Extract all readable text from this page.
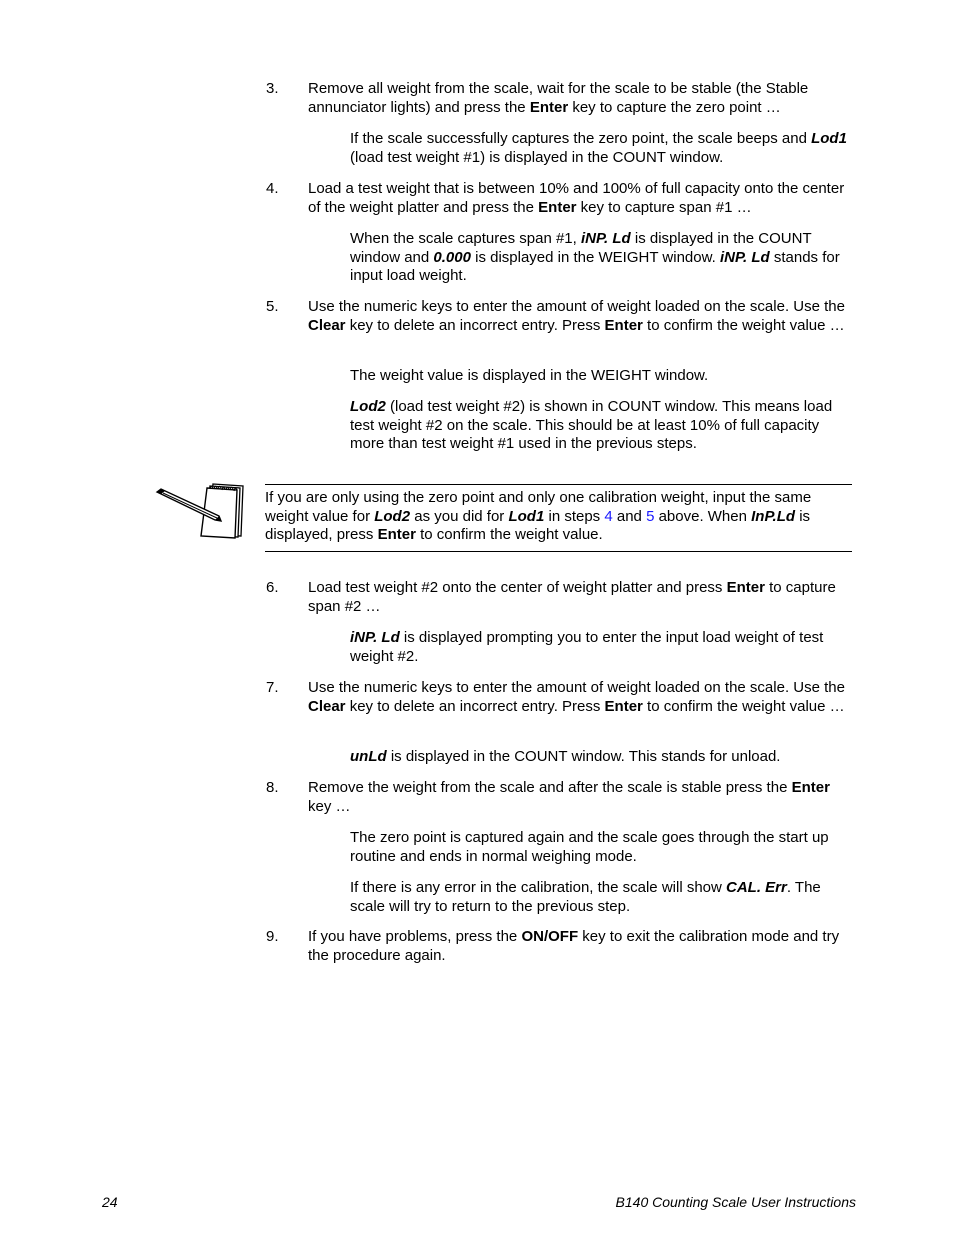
3.	Remove all weight from the scale, wait for the scale to be stable (the Stable annunciator lights) and press the Enter key to capture the zero point …
If the scale successfully captures the zero point, the scale beeps and Lod1 (load test weight #1) is displayed in the COUNT window.
4.	Load a test weight that is between 10% and 100% of full capacity onto the center of the weight platter and press the Enter key to capture span #1 …
When the scale captures span #1, iNP. Ld is displayed in the COUNT window and 0.000 is displayed in the WEIGHT window. iNP. Ld stands for input load weight.
5.	Use the numeric keys to enter the amount of weight loaded on the scale. Use the Clear key to delete an incorrect entry. Press Enter to confirm the weight value …
The weight value is displayed in the WEIGHT window.
Lod2 (load test weight #2) is shown in COUNT window. This means load test weight #2 on the scale. This should be at least 10% of full capacity more than test weight #1 used in the previous steps.
If you are only using the zero point and only one calibration weight, input the same weight value for Lod2 as you did for Lod1 in steps 4 and 5 above. When InP.Ld is displayed, press Enter to confirm the weight value.
6.	Load test weight #2 onto the center of weight platter and press Enter to capture span #2 …
iNP. Ld is displayed prompting you to enter the input load weight of test weight #2.
7.	Use the numeric keys to enter the amount of weight loaded on the scale. Use the Clear key to delete an incorrect entry. Press Enter to confirm the weight value …
unLd is displayed in the COUNT window. This stands for unload.
8.	Remove the weight from the scale and after the scale is stable press the Enter key …
The zero point is captured again and the scale goes through the start up routine and ends in normal weighing mode.
If there is any error in the calibration, the scale will show CAL. Err. The scale will try to return to the previous step.
9.	If you have problems, press the ON/OFF key to exit the calibration mode and try the procedure again.
24	B140 Counting Scale User Instructions
